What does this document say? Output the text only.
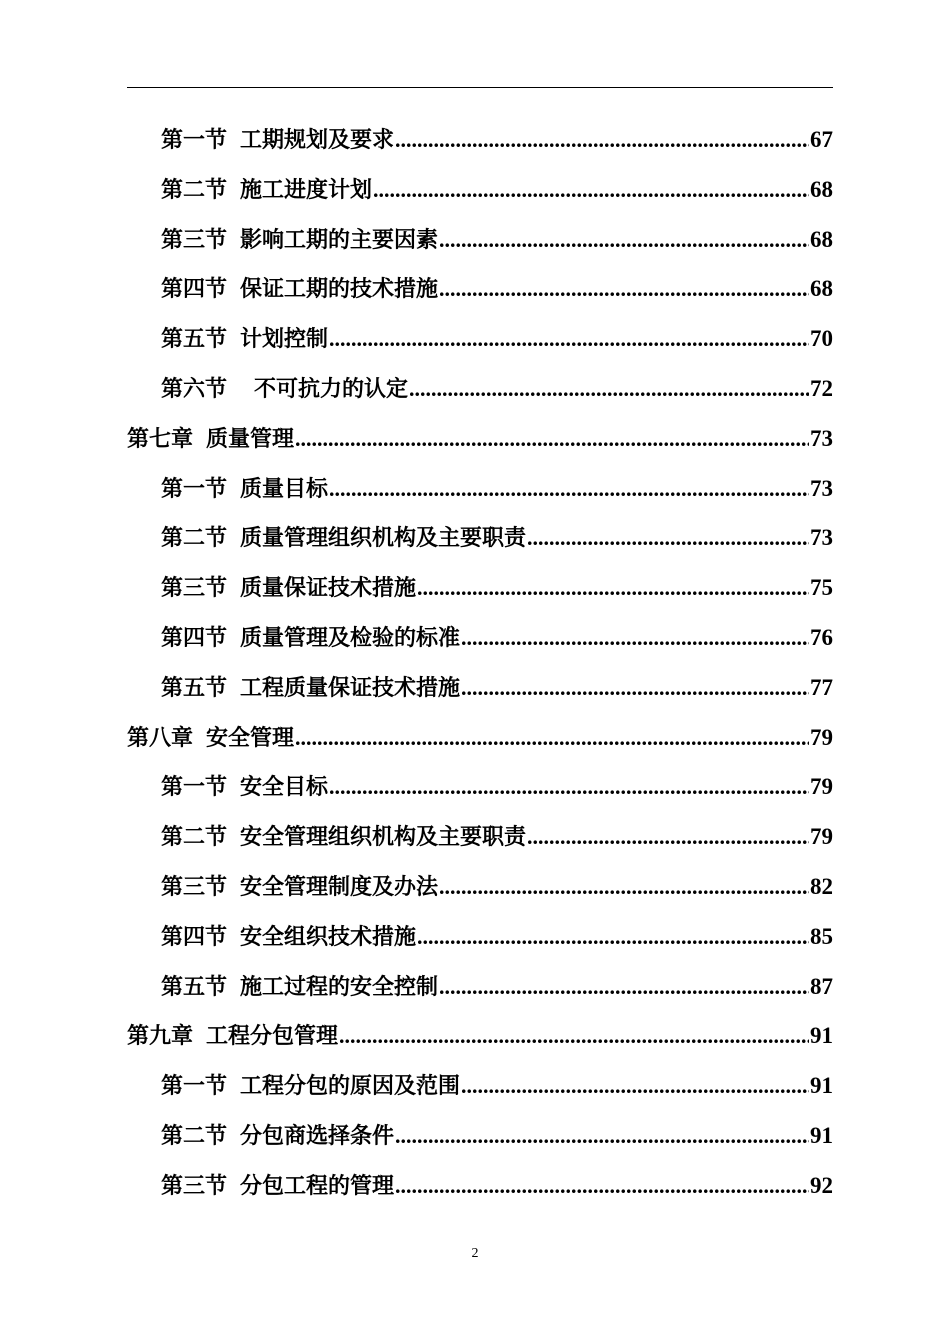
第一节 工期规划及要求 .....	67
第二节 施工进度计划 .....	68
第三节 影响工期的主要因素 .....	68
第四节 保证工期的技术措施 .....	68
第五节 计划控制 .....	70
第六节 不可抗力的认定 .....	72
第七章 质量管理 .....	73
第一节 质量目标 .....	73
第二节 质量管理组织机构及主要职责 .....	73
第三节 质量保证技术措施 .....	75
第四节 质量管理及检验的标准 .....	76
第五节 工程质量保证技术措施 .....	77
第八章 安全管理 .....	79
第一节 安全目标 .....	79
第二节 安全管理组织机构及主要职责 .....	79
第三节 安全管理制度及办法 .....	82
第四节 安全组织技术措施 .....	85
第五节 施工过程的安全控制 .....	87
第九章 工程分包管理 .....	91
第一节 工程分包的原因及范围 .....	91
第二节 分包商选择条件 .....	91
第三节 分包工程的管理 .....	92
2
